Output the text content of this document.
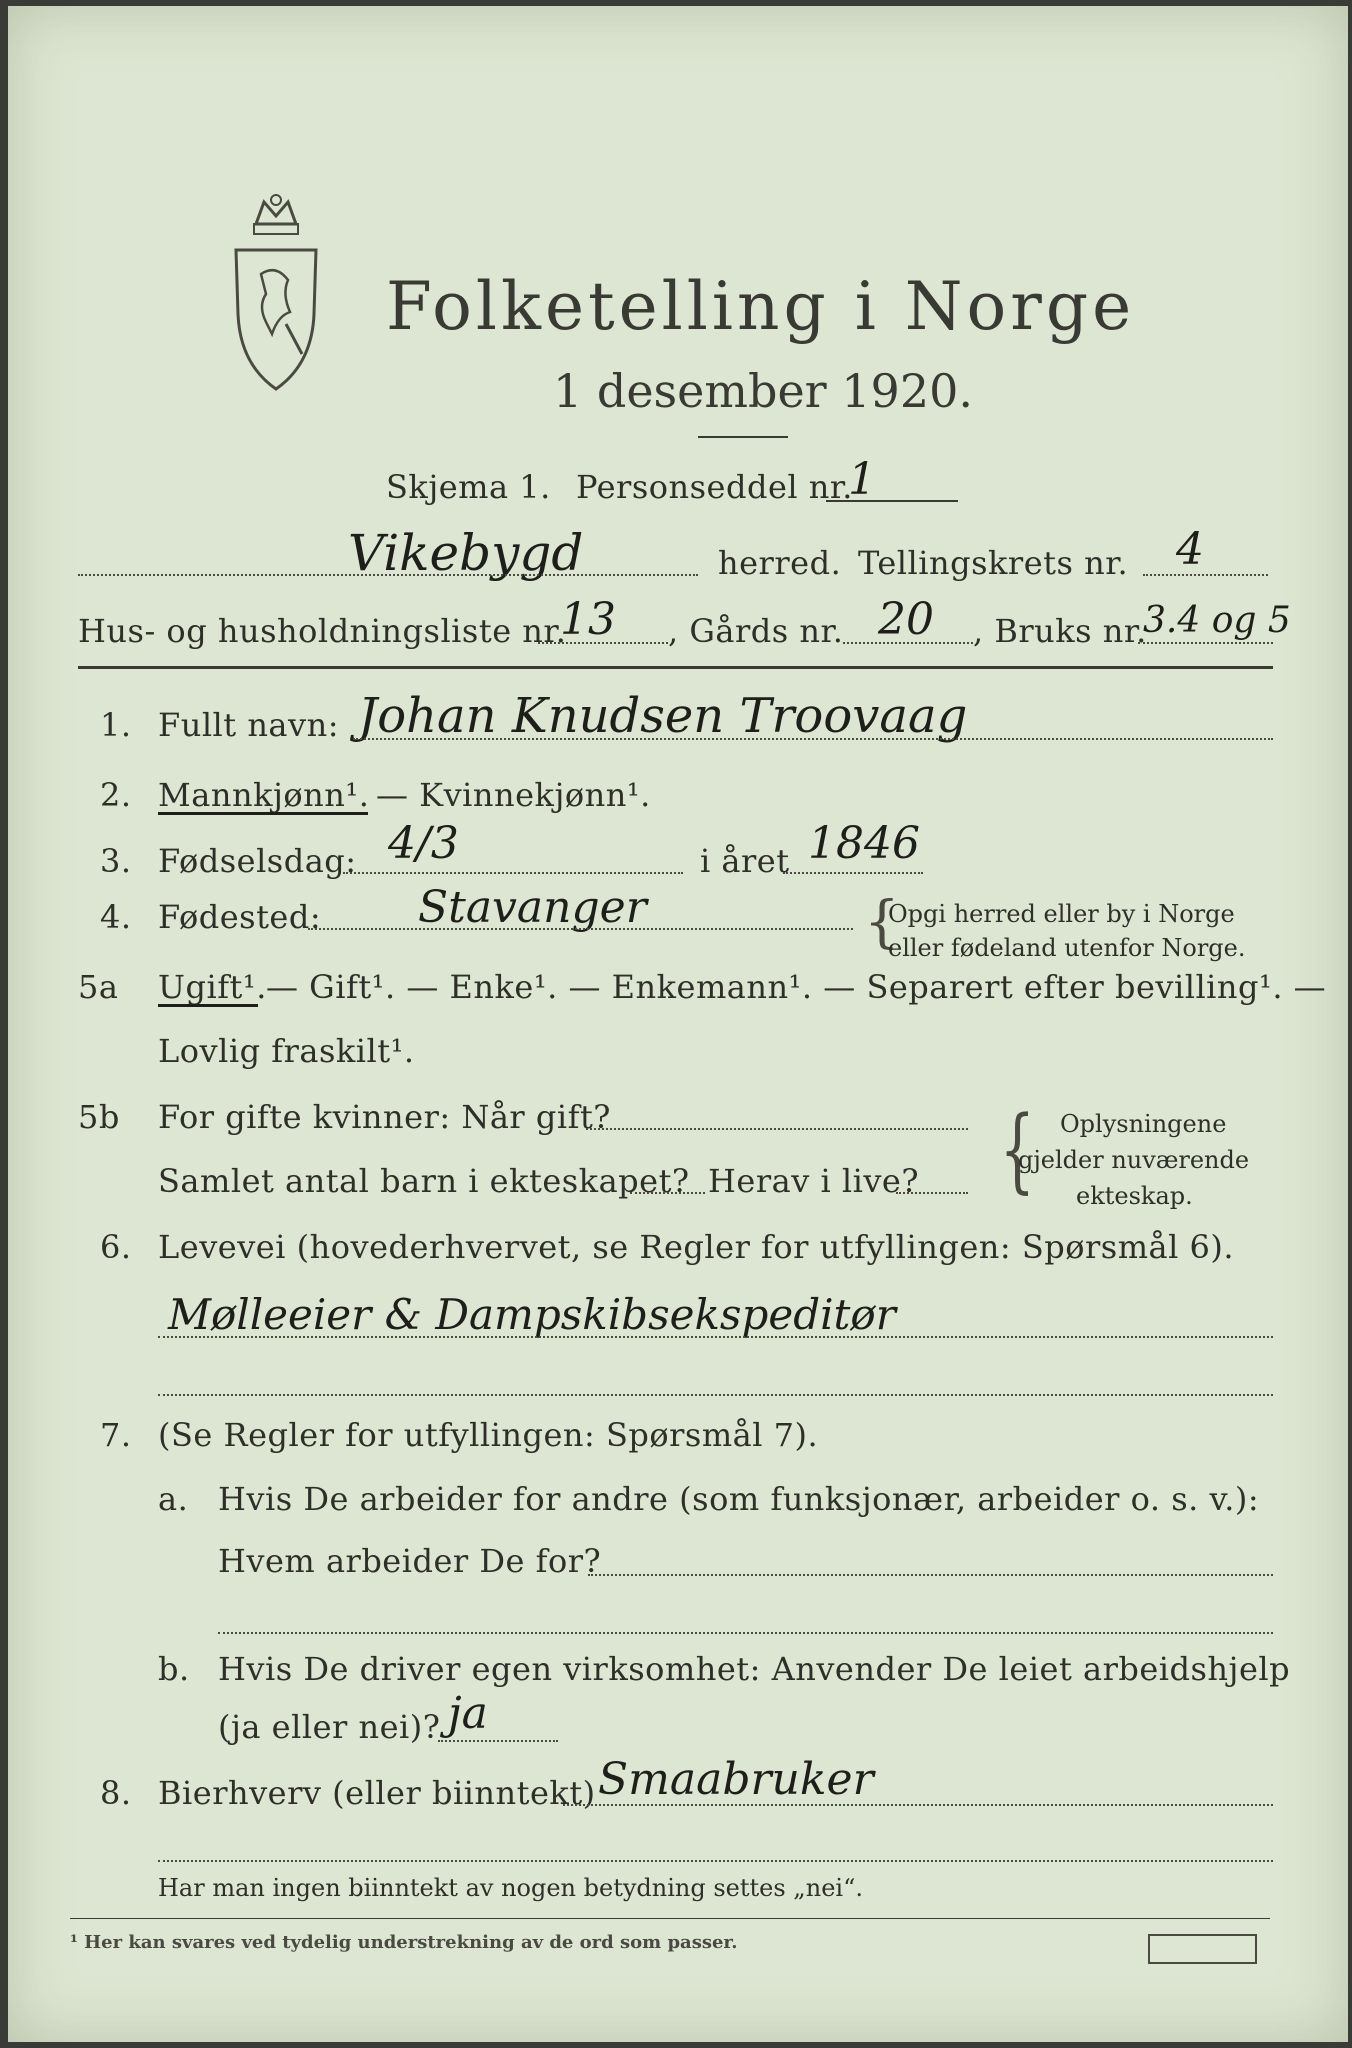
Folketelling i Norge
1 desember 1920.
Skjema 1. Personseddel nr.
1
Vikebygd	herred. Tellingskrets nr. 4
Hus- og husholdningsliste nr.
13 , Gårds nr. 20 , Bruks nr.
3.4 og 5
1. Fullt navn: Johan Knudsen Troovaag
2. Mannkjønn¹. — Kvinnekjønn¹.
3. Fødselsdag: 4/3	i året 1846
4. Fødested: Stavanger	{
Opgi herred eller by i Norge
eller fødeland utenfor Norge.
5a Ugift¹. — Gift¹. — Enke¹. — Enkemann¹. — Separert efter bevilling¹. —
Lovlig fraskilt¹.
5b For gifte kvinner: Når gift?
Samlet antal barn i ekteskapet? Herav i live? { Oplysningene
gjelder nuværende
ekteskap.
6. Levevei (hovederhvervet, se Regler for utfyllingen: Spørsmål 6).
Mølleeier & Dampskibsekspeditør
7. (Se Regler for utfyllingen: Spørsmål 7).
a. Hvis De arbeider for andre (som funksjonær, arbeider o. s. v.):
Hvem arbeider De for?
b. Hvis De driver egen virksomhet: Anvender De leiet arbeidshjelp
(ja eller nei)? ja
8. Bierhverv (eller biinntekt) Smaabruker
Har man ingen biinntekt av nogen betydning settes „nei“.
¹ Her kan svares ved tydelig understrekning av de ord som passer.
